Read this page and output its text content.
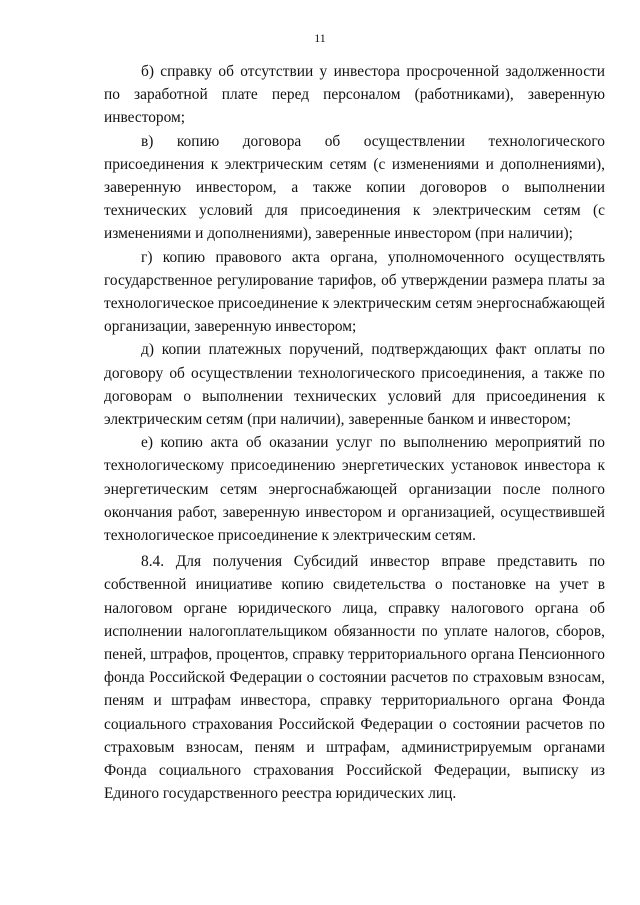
11

б) справку об отсутствии у инвестора просроченной задолженности по заработной плате перед персоналом (работниками), заверенную инвестором;

в) копию договора об осуществлении технологического присоединения к электрическим сетям (с изменениями и дополнениями), заверенную инвестором, а также копии договоров о выполнении технических условий для присоединения к электрическим сетям (с изменениями и дополнениями), заверенные инвестором (при наличии);

г) копию правового акта органа, уполномоченного осуществлять государственное регулирование тарифов, об утверждении размера платы за технологическое присоединение к электрическим сетям энергоснабжающей организации, заверенную инвестором;

д) копии платежных поручений, подтверждающих факт оплаты по договору об осуществлении технологического присоединения, а также по договорам о выполнении технических условий для присоединения к электрическим сетям (при наличии), заверенные банком и инвестором;

е) копию акта об оказании услуг по выполнению мероприятий по технологическому присоединению энергетических установок инвестора к энергетическим сетям энергоснабжающей организации после полного окончания работ, заверенную инвестором и организацией, осуществившей технологическое присоединение к электрическим сетям.

8.4. Для получения Субсидий инвестор вправе представить по собственной инициативе копию свидетельства о постановке на учет в налоговом органе юридического лица, справку налогового органа об исполнении налогоплательщиком обязанности по уплате налогов, сборов, пеней, штрафов, процентов, справку территориального органа Пенсионного фонда Российской Федерации о состоянии расчетов по страховым взносам, пеням и штрафам инвестора, справку территориального органа Фонда социального страхования Российской Федерации о состоянии расчетов по страховым взносам, пеням и штрафам, администрируемым органами Фонда социального страхования Российской Федерации, выписку из Единого государственного реестра юридических лиц.
